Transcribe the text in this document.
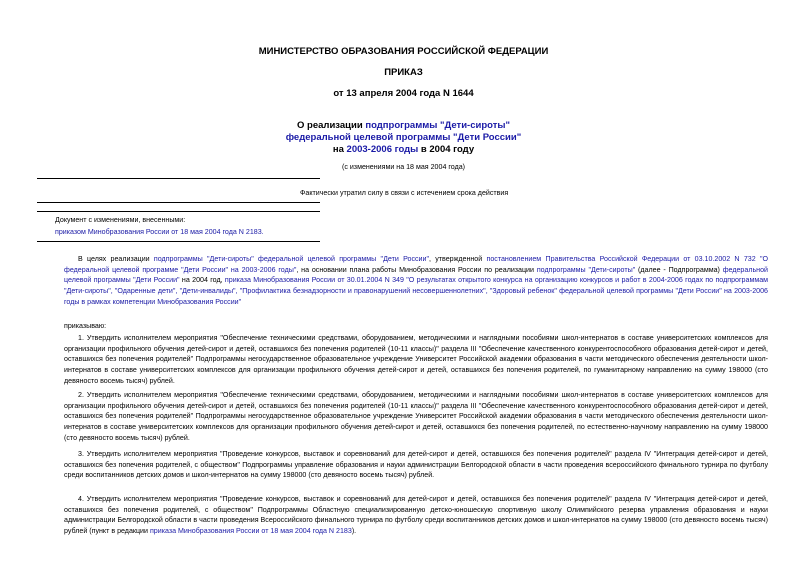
МИНИСТЕРСТВО ОБРАЗОВАНИЯ РОССИЙСКОЙ ФЕДЕРАЦИИ
ПРИКАЗ
от 13 апреля 2004 года N 1644
О реализации подпрограммы "Дети-сироты"
федеральной целевой программы "Дети России"
на 2003-2006 годы в 2004 году
(с изменениями на 18 мая 2004 года)
Фактически утратил силу в связи с истечением срока действия
Документ с изменениями, внесенными:
приказом Минобразования России от 18 мая 2004 года N 2183.
В целях реализации подпрограммы "Дети-сироты" федеральной целевой программы "Дети России", утвержденной постановлением Правительства Российской Федерации от 03.10.2002 N 732 "О федеральной целевой программе "Дети России" на 2003-2006 годы", на основании плана работы Минобразования России по реализации подпрограммы "Дети-сироты" (далее - Подпрограмма) федеральной целевой программы "Дети России" на 2004 год, приказа Минобразования России от 30.01.2004 N 349 "О результатах открытого конкурса на организацию конкурсов и работ в 2004-2006 годах по подпрограммам "Дети-сироты", "Одаренные дети", "Дети-инвалиды", "Профилактика безнадзорности и правонарушений несовершеннолетних", "Здоровый ребенок" федеральной целевой программы "Дети России" на 2003-2006 годы в рамках компетенции Минобразования России"
приказываю:
1. Утвердить исполнителем мероприятия "Обеспечение техническими средствами, оборудованием, методическими и наглядными пособиями школ-интернатов в составе университетских комплексов для организации профильного обучения детей-сирот и детей, оставшихся без попечения родителей (10-11 классы)" раздела III "Обеспечение качественного конкурентоспособного образования детей-сирот и детей, оставшихся без попечения родителей" Подпрограммы негосударственное образовательное учреждение Университет Российской академии образования в части методического обеспечения деятельности школ-интернатов в составе университетских комплексов для организации профильного обучения детей-сирот и детей, оставшихся без попечения родителей, по гуманитарному направлению на сумму 198000 (сто девяносто восемь тысяч) рублей.
2. Утвердить исполнителем мероприятия "Обеспечение техническими средствами, оборудованием, методическими и наглядными пособиями школ-интернатов в составе университетских комплексов для организации профильного обучения детей-сирот и детей, оставшихся без попечения родителей (10-11 классы)" раздела III "Обеспечение качественного конкурентоспособного образования детей-сирот и детей, оставшихся без попечения родителей" Подпрограммы негосударственное образовательное учреждение Университет Российской академии образования в части методического обеспечения деятельности школ-интернатов в составе университетских комплексов для организации профильного обучения детей-сирот и детей, оставшихся без попечения родителей, по естественно-научному направлению на сумму 198000 (сто девяносто восемь тысяч) рублей.
3. Утвердить исполнителем мероприятия "Проведение конкурсов, выставок и соревнований для детей-сирот и детей, оставшихся без попечения родителей" раздела IV "Интеграция детей-сирот и детей, оставшихся без попечения родителей, с обществом" Подпрограммы управление образования и науки администрации Белгородской области в части проведения всероссийского финального турнира по футболу среди воспитанников детских домов и школ-интернатов на сумму 198000 (сто девяносто восемь тысяч) рублей.
4. Утвердить исполнителем мероприятия "Проведение конкурсов, выставок и соревнований для детей-сирот и детей, оставшихся без попечения родителей" раздела IV "Интеграция детей-сирот и детей, оставшихся без попечения родителей, с обществом" Подпрограммы Областную специализированную детско-юношескую спортивную школу Олимпийского резерва управления образования и науки администрации Белгородской области в части проведения Всероссийского финального турнира по футболу среди воспитанников детских домов и школ-интернатов на сумму 198000 (сто девяносто восемь тысяч) рублей (пункт в редакции приказа Минобразования России от 18 мая 2004 года N 2183).
